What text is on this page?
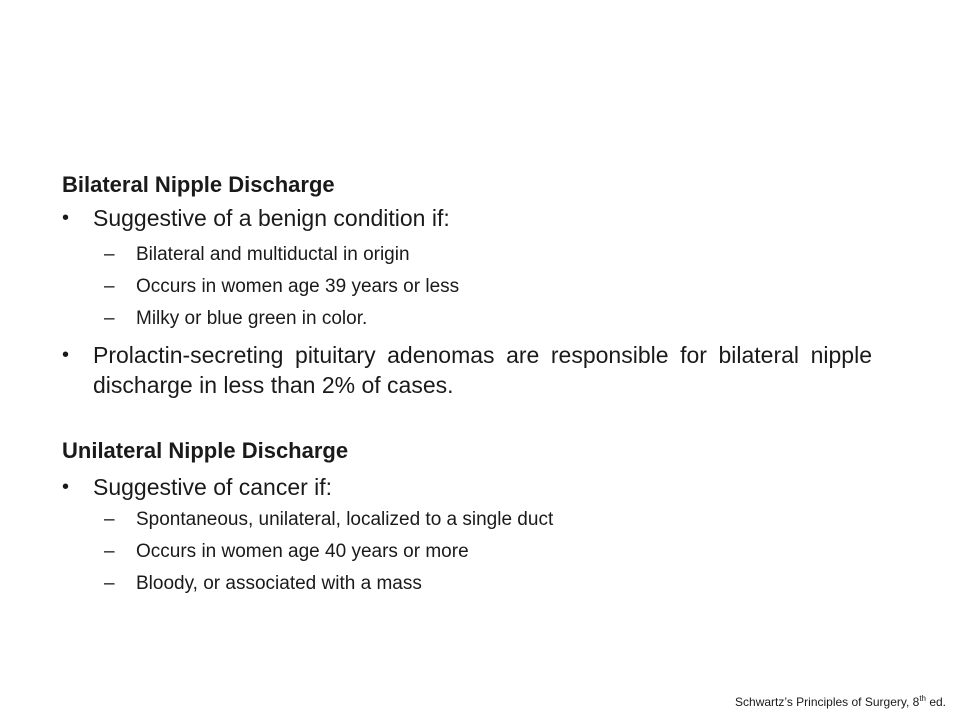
Bilateral Nipple Discharge
• Suggestive of a benign condition if:
– Bilateral and multiductal in origin
– Occurs in women age 39 years or less
– Milky or blue green in color.
• Prolactin-secreting pituitary adenomas are responsible for bilateral nipple discharge in less than 2% of cases.
Unilateral Nipple Discharge
• Suggestive of cancer if:
– Spontaneous, unilateral, localized to a single duct
– Occurs in women age 40 years or more
– Bloody, or associated with a mass
Schwartz’s Principles of Surgery, 8th ed.
